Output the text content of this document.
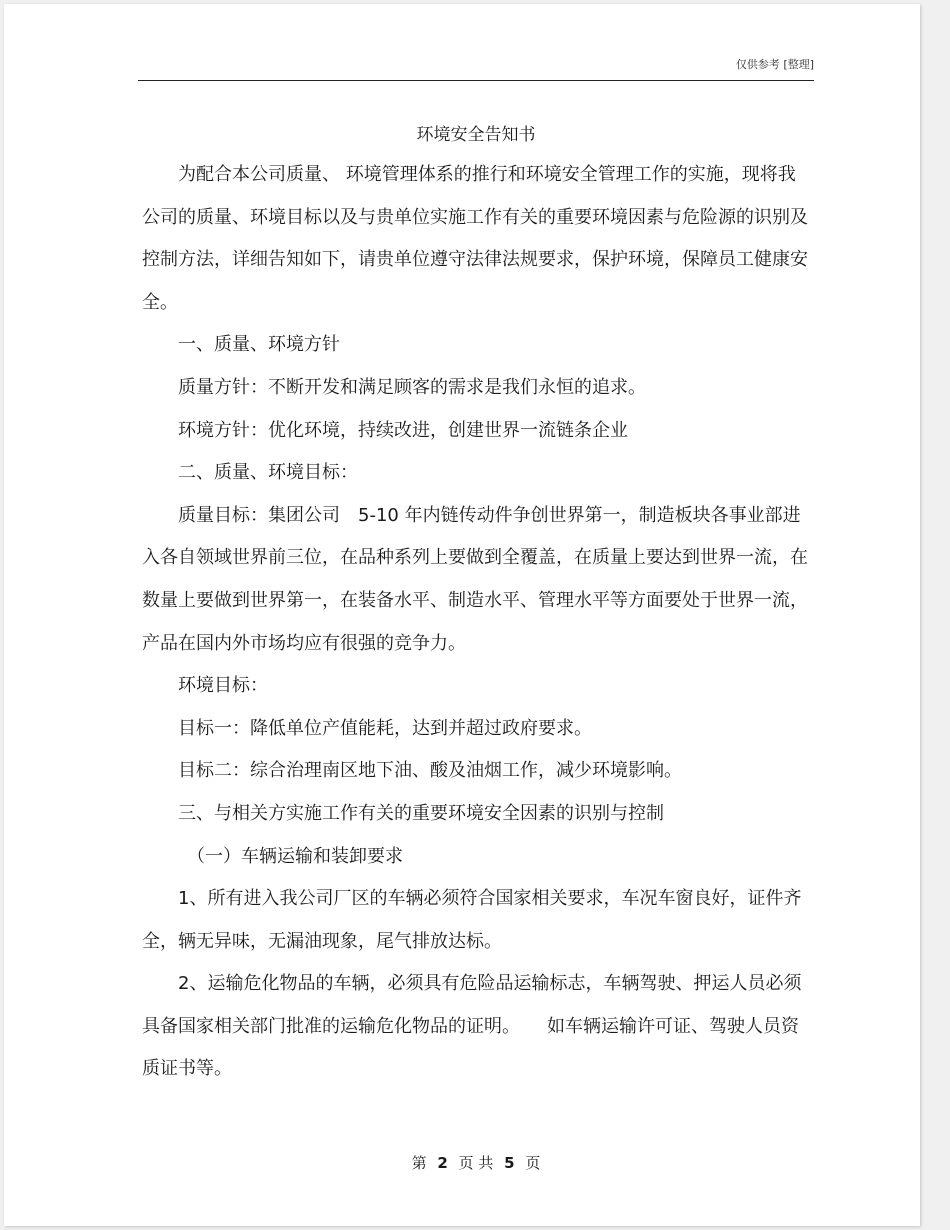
仅供参考 [整理]
环境安全告知书

为配合本公司质量、 环境管理体系的推行和环境安全管理工作的实施，现将我公司的质量、环境目标以及与贵单位实施工作有关的重要环境因素与危险源的识别及控制方法，详细告知如下，请贵单位遵守法律法规要求，保护环境，保障员工健康安全。

一、质量、环境方针

质量方针：不断开发和满足顾客的需求是我们永恒的追求。

环境方针：优化环境，持续改进，创建世界一流链条企业

二、质量、环境目标：

质量目标：集团公司　5-10 年内链传动件争创世界第一，制造板块各事业部进入各自领域世界前三位，在品种系列上要做到全覆盖，在质量上要达到世界一流，在数量上要做到世界第一，在装备水平、制造水平、管理水平等方面要处于世界一流，产品在国内外市场均应有很强的竞争力。

环境目标：

目标一：降低单位产值能耗，达到并超过政府要求。

目标二：综合治理南区地下油、酸及油烟工作，减少环境影响。

三、与相关方实施工作有关的重要环境安全因素的识别与控制

（一）车辆运输和装卸要求

1、所有进入我公司厂区的车辆必须符合国家相关要求，车况车窗良好，证件齐全，辆无异味，无漏油现象，尾气排放达标。

2、运输危化物品的车辆，必须具有危险品运输标志，车辆驾驶、押运人员必须具备国家相关部门批准的运输危化物品的证明。　　如车辆运输许可证、驾驶人员资质证书等。

第 2 页 共 5 页
